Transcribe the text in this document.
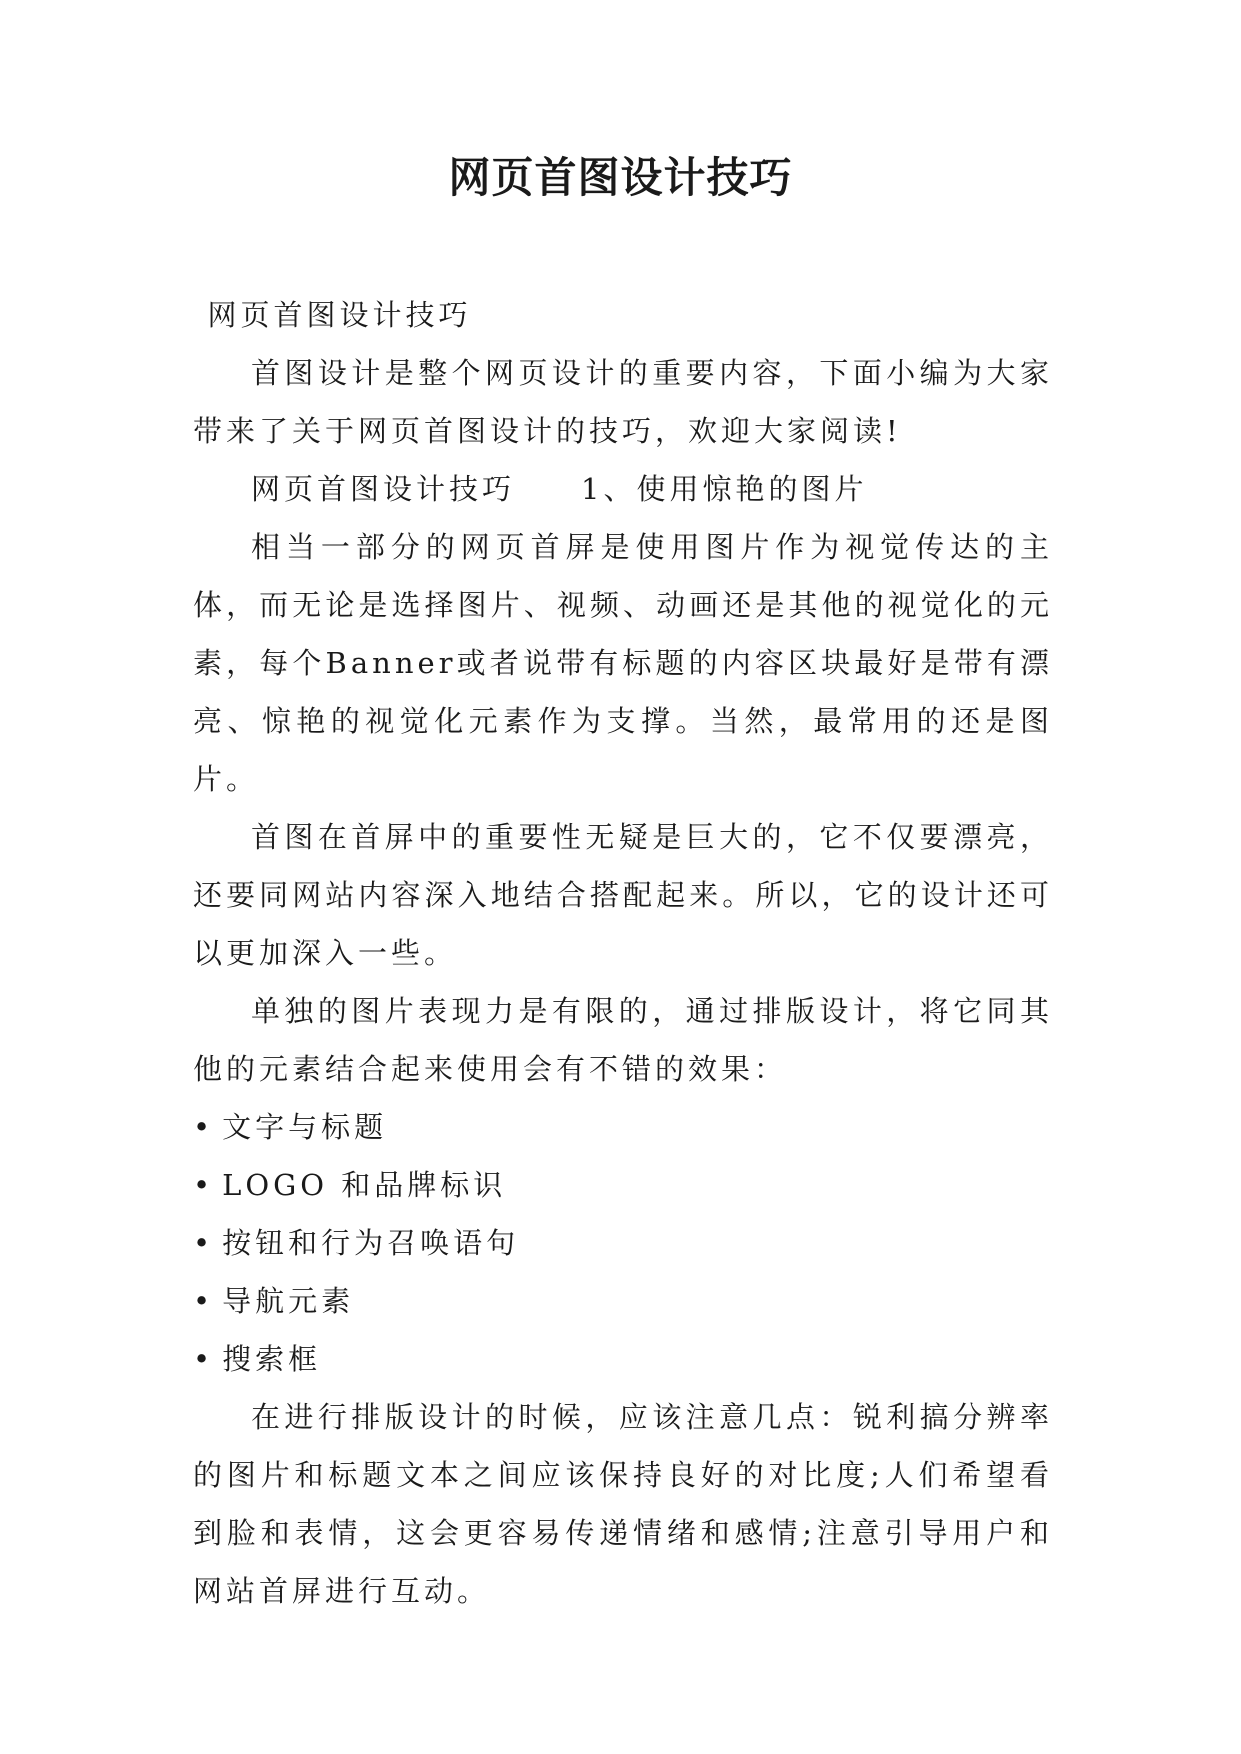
网页首图设计技巧

网页首图设计技巧

首图设计是整个网页设计的重要内容，下面小编为大家带来了关于网页首图设计的技巧，欢迎大家阅读!

网页首图设计技巧　　1、使用惊艳的图片

相当一部分的网页首屏是使用图片作为视觉传达的主体，而无论是选择图片、视频、动画还是其他的视觉化的元素，每个Banner或者说带有标题的内容区块最好是带有漂亮、惊艳的视觉化元素作为支撑。当然，最常用的还是图片。

首图在首屏中的重要性无疑是巨大的，它不仅要漂亮，还要同网站内容深入地结合搭配起来。所以，它的设计还可以更加深入一些。

单独的图片表现力是有限的，通过排版设计，将它同其他的元素结合起来使用会有不错的效果：

• 文字与标题

• LOGO 和品牌标识

• 按钮和行为召唤语句

• 导航元素

• 搜索框

在进行排版设计的时候，应该注意几点：锐利搞分辨率的图片和标题文本之间应该保持良好的对比度;人们希望看到脸和表情，这会更容易传递情绪和感情;注意引导用户和网站首屏进行互动。
